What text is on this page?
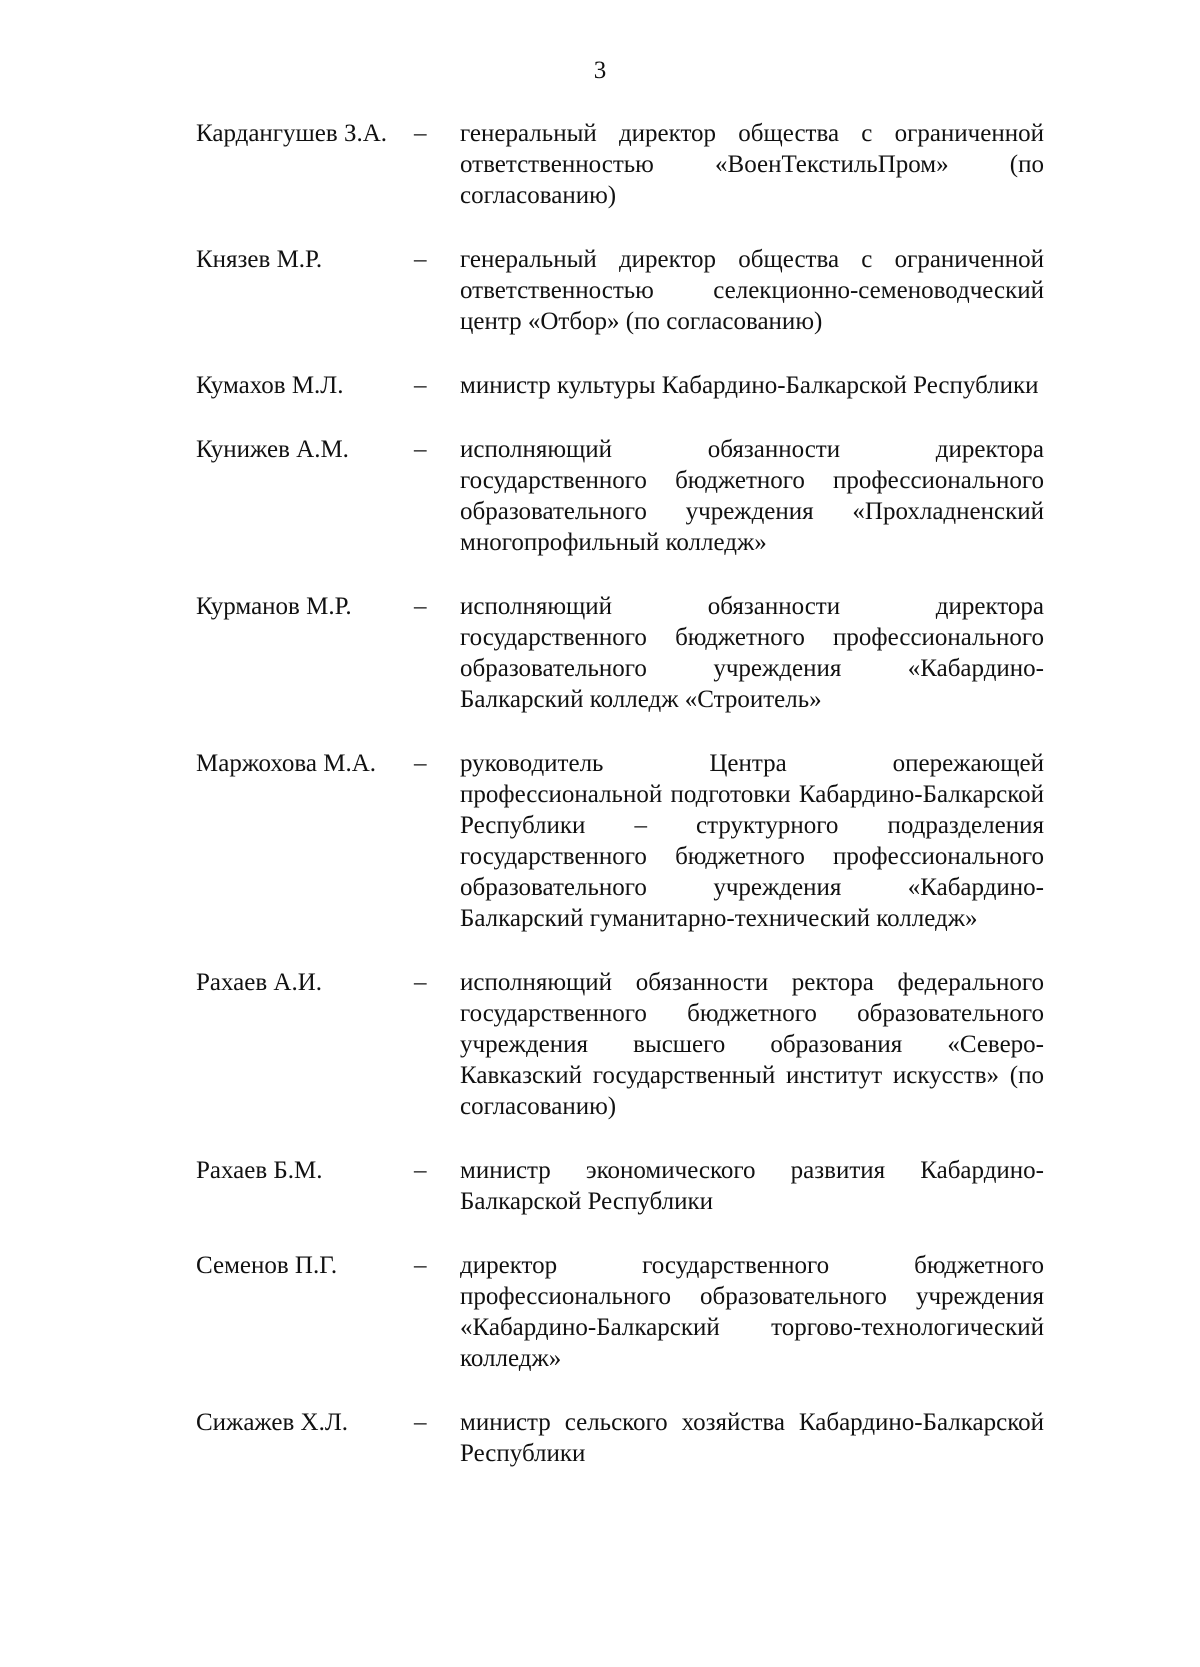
3
Кардангушев З.А.	–	генеральный директор общества с ограниченной ответственностью «ВоенТекстильПром» (по согласованию)
Князев М.Р.	–	генеральный директор общества с ограниченной ответственностью селекционно-семеноводческий центр «Отбор» (по согласованию)
Кумахов М.Л.	–	министр культуры Кабардино-Балкарской Республики
Кунижев А.М.	–	исполняющий обязанности директора государственного бюджетного профессионального образовательного учреждения «Прохладненский многопрофильный колледж»
Курманов М.Р.	–	исполняющий обязанности директора государственного бюджетного профессионального образовательного учреждения «Кабардино-Балкарский колледж «Строитель»
Маржохова М.А.	–	руководитель Центра опережающей профессиональной подготовки Кабардино-Балкарской Республики – структурного подразделения государственного бюджетного профессионального образовательного учреждения «Кабардино-Балкарский гуманитарно-технический колледж»
Рахаев А.И.	–	исполняющий обязанности ректора федерального государственного бюджетного образовательного учреждения высшего образования «Северо-Кавказский государственный институт искусств» (по согласованию)
Рахаев Б.М.	–	министр экономического развития Кабардино-Балкарской Республики
Семенов П.Г.	–	директор государственного бюджетного профессионального образовательного учреждения «Кабардино-Балкарский торгово-технологический колледж»
Сижажев Х.Л.	–	министр сельского хозяйства Кабардино-Балкарской Республики
